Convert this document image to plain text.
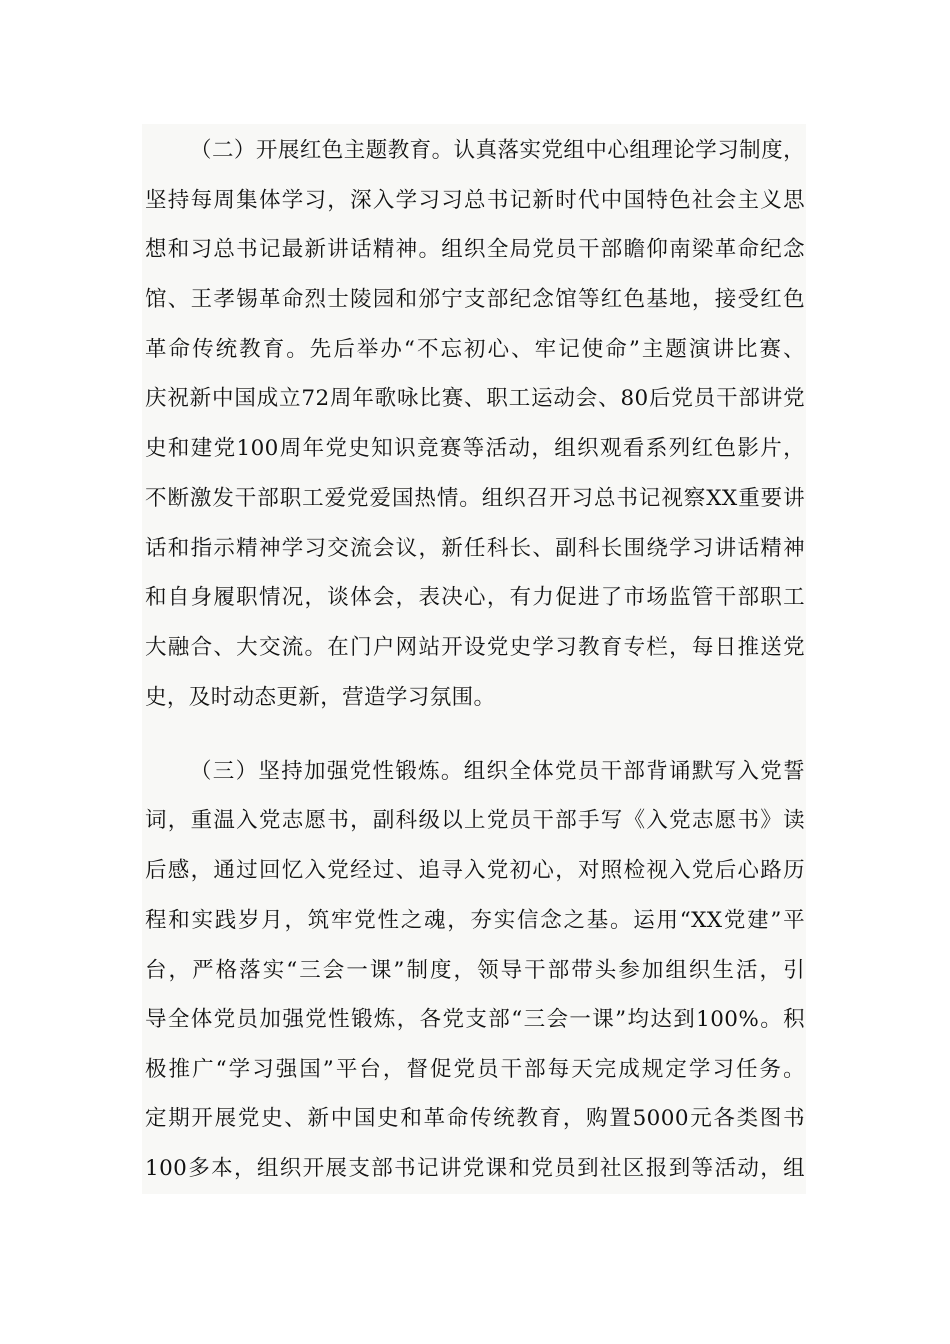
（二）开展红色主题教育。认真落实党组中心组理论学习制度，
坚持每周集体学习，深入学习习总书记新时代中国特色社会主义思
想和习总书记最新讲话精神。组织全局党员干部瞻仰南梁革命纪念
馆、王孝锡革命烈士陵园和邠宁支部纪念馆等红色基地，接受红色
革命传统教育。先后举办“不忘初心、牢记使命”主题演讲比赛、
庆祝新中国成立72周年歌咏比赛、职工运动会、80后党员干部讲党
史和建党100周年党史知识竞赛等活动，组织观看系列红色影片，
不断激发干部职工爱党爱国热情。组织召开习总书记视察XX重要讲
话和指示精神学习交流会议，新任科长、副科长围绕学习讲话精神
和自身履职情况，谈体会，表决心，有力促进了市场监管干部职工
大融合、大交流。在门户网站开设党史学习教育专栏，每日推送党
史，及时动态更新，营造学习氛围。
（三）坚持加强党性锻炼。组织全体党员干部背诵默写入党誓
词，重温入党志愿书，副科级以上党员干部手写《入党志愿书》读
后感，通过回忆入党经过、追寻入党初心，对照检视入党后心路历
程和实践岁月，筑牢党性之魂，夯实信念之基。运用“XX党建”平
台，严格落实“三会一课”制度，领导干部带头参加组织生活，引
导全体党员加强党性锻炼，各党支部“三会一课”均达到100%。积
极推广“学习强国”平台，督促党员干部每天完成规定学习任务。
定期开展党史、新中国史和革命传统教育，购置5000元各类图书
100多本，组织开展支部书记讲党课和党员到社区报到等活动，组
